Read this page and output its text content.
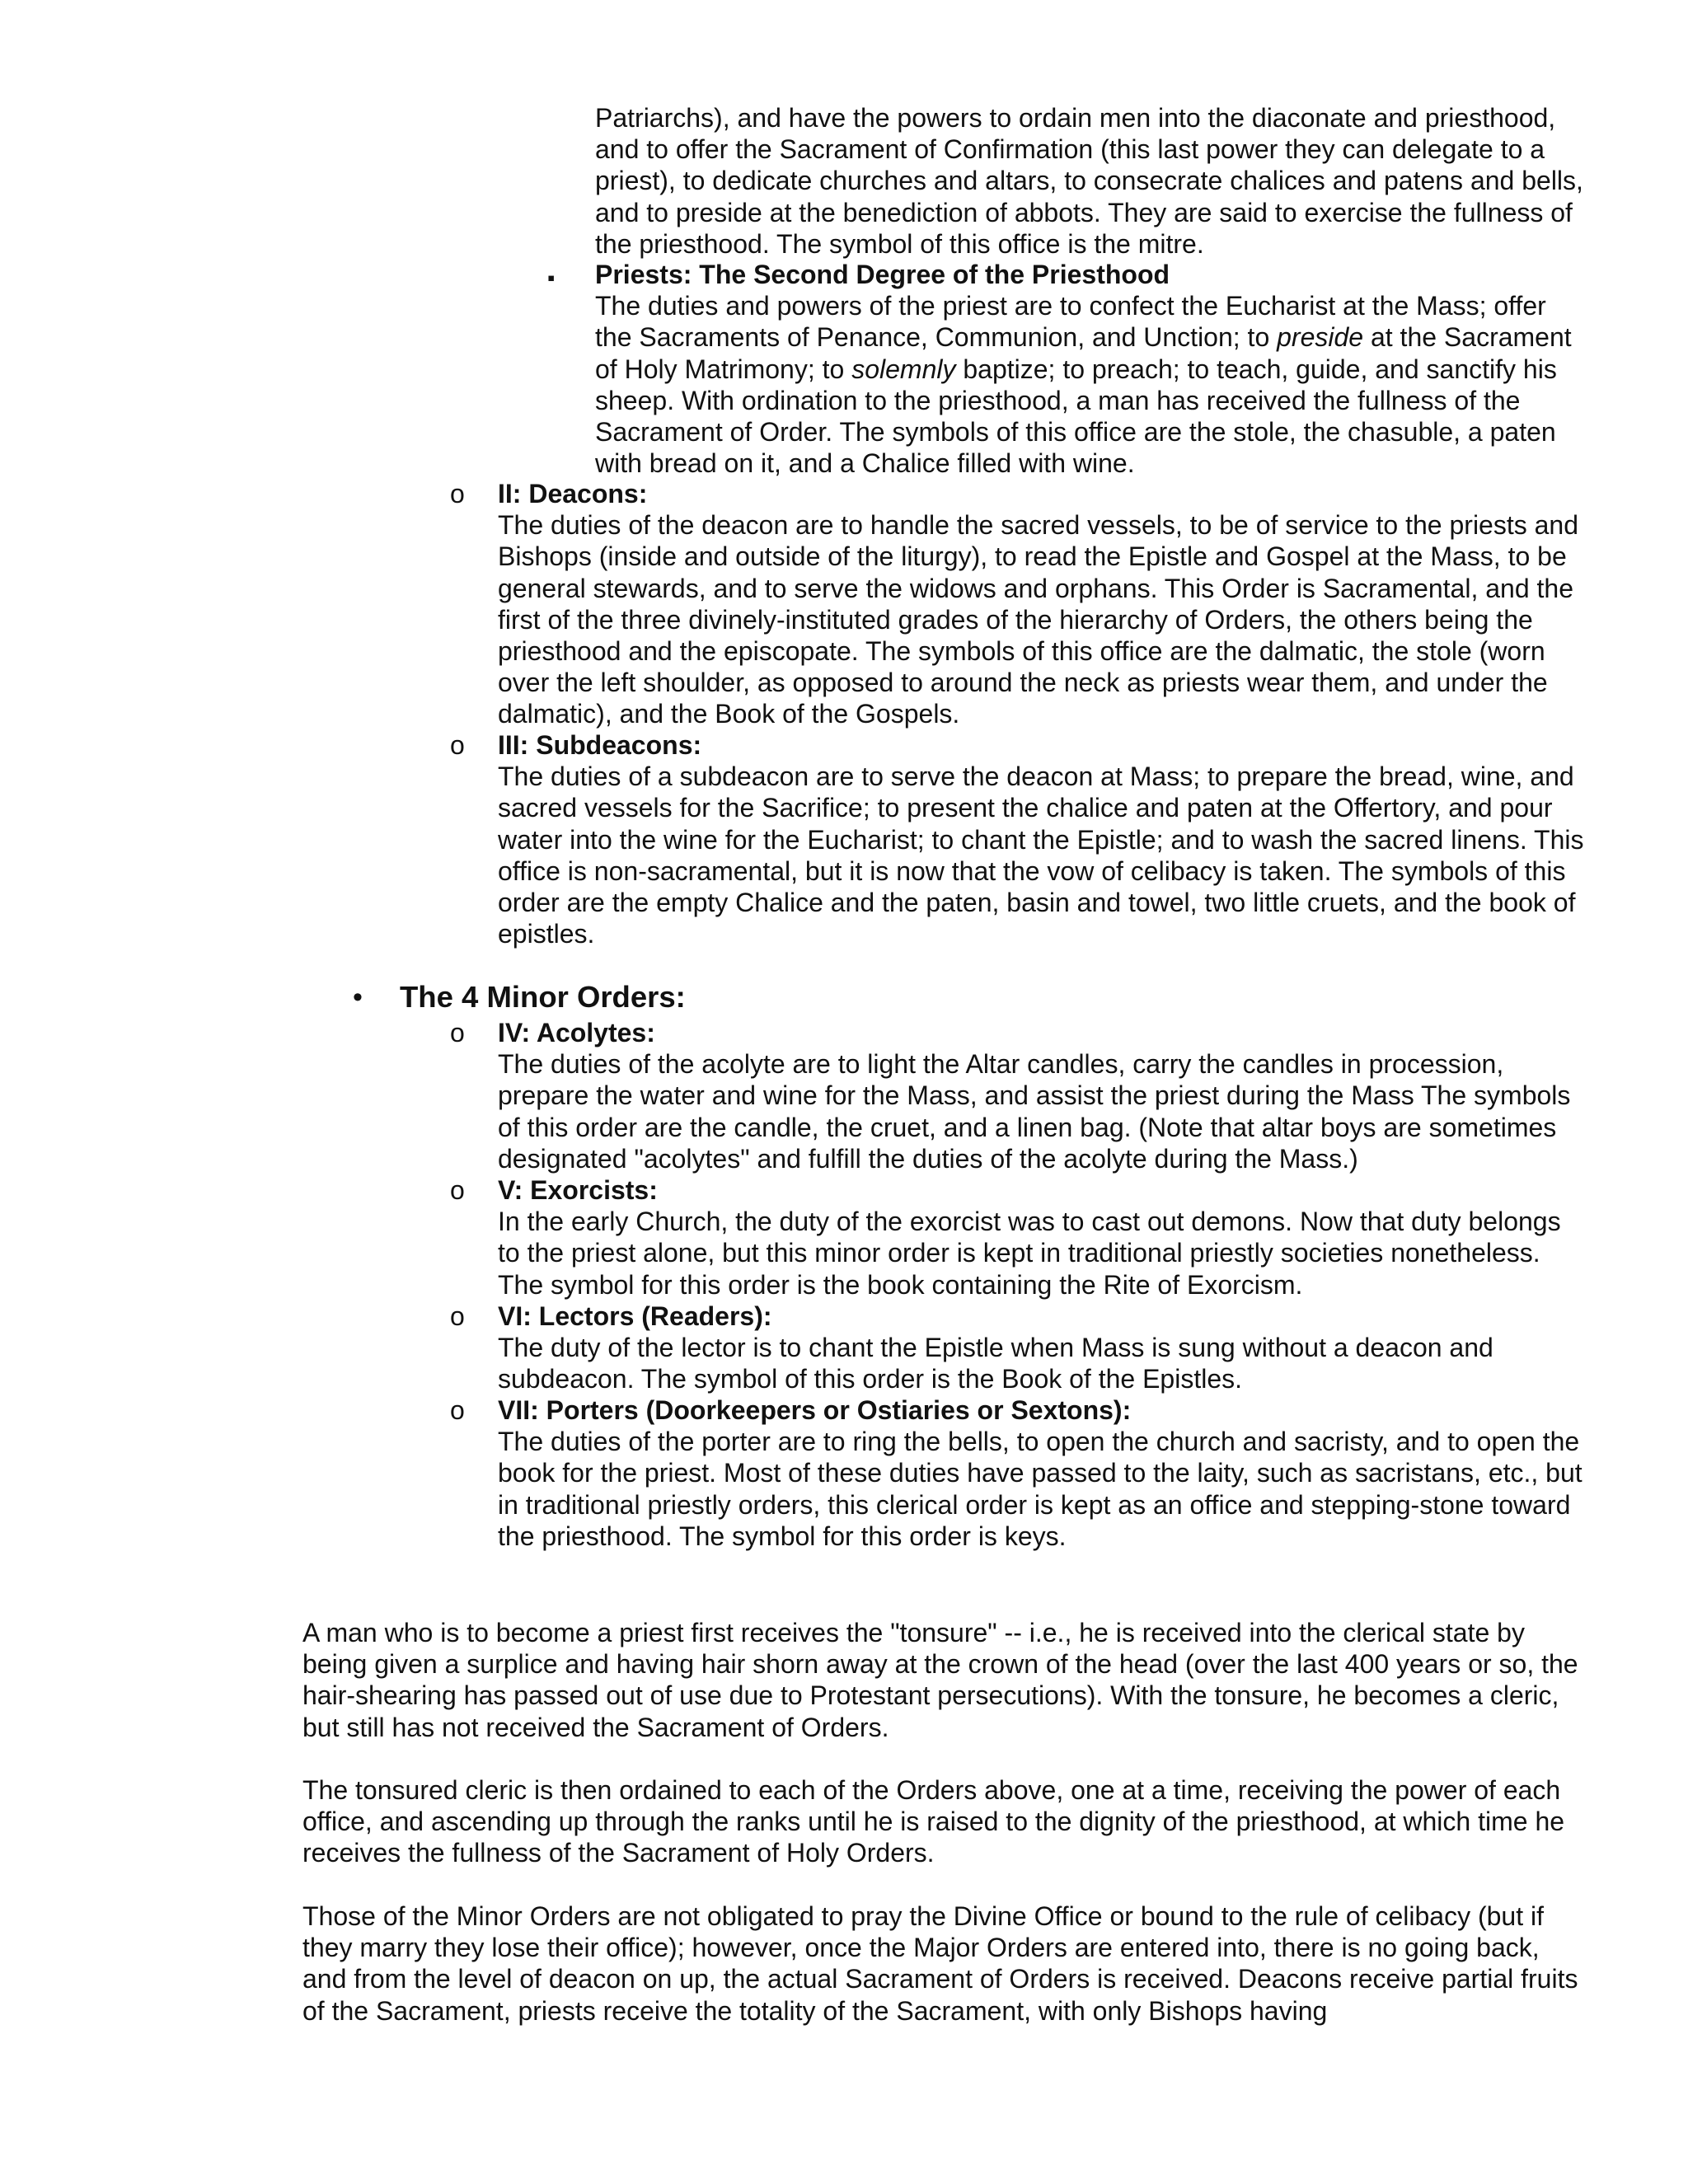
Patriarchs), and have the powers to ordain men into the diaconate and priesthood, and to offer the Sacrament of Confirmation (this last power they can delegate to a priest), to dedicate churches and altars, to consecrate chalices and patens and bells, and to preside at the benediction of abbots. They are said to exercise the fullness of the priesthood. The symbol of this office is the mitre.

▪ Priests: The Second Degree of the Priesthood
The duties and powers of the priest are to confect the Eucharist at the Mass; offer the Sacraments of Penance, Communion, and Unction; to preside at the Sacrament of Holy Matrimony; to solemnly baptize; to preach; to teach, guide, and sanctify his sheep. With ordination to the priesthood, a man has received the fullness of the Sacrament of Order. The symbols of this office are the stole, the chasuble, a paten with bread on it, and a Chalice filled with wine.
o II: Deacons:
The duties of the deacon are to handle the sacred vessels, to be of service to the priests and Bishops (inside and outside of the liturgy), to read the Epistle and Gospel at the Mass, to be general stewards, and to serve the widows and orphans. This Order is Sacramental, and the first of the three divinely-instituted grades of the hierarchy of Orders, the others being the priesthood and the episcopate. The symbols of this office are the dalmatic, the stole (worn over the left shoulder, as opposed to around the neck as priests wear them, and under the dalmatic), and the Book of the Gospels.
o III: Subdeacons:
The duties of a subdeacon are to serve the deacon at Mass; to prepare the bread, wine, and sacred vessels for the Sacrifice; to present the chalice and paten at the Offertory, and pour water into the wine for the Eucharist; to chant the Epistle; and to wash the sacred linens. This office is non-sacramental, but it is now that the vow of celibacy is taken. The symbols of this order are the empty Chalice and the paten, basin and towel, two little cruets, and the book of epistles.
• The 4 Minor Orders:
o IV: Acolytes:
The duties of the acolyte are to light the Altar candles, carry the candles in procession, prepare the water and wine for the Mass, and assist the priest during the Mass The symbols of this order are the candle, the cruet, and a linen bag. (Note that altar boys are sometimes designated "acolytes" and fulfill the duties of the acolyte during the Mass.)
o V: Exorcists:
In the early Church, the duty of the exorcist was to cast out demons. Now that duty belongs to the priest alone, but this minor order is kept in traditional priestly societies nonetheless. The symbol for this order is the book containing the Rite of Exorcism.
o VI: Lectors (Readers):
The duty of the lector is to chant the Epistle when Mass is sung without a deacon and subdeacon. The symbol of this order is the Book of the Epistles.
o VII: Porters (Doorkeepers or Ostiaries or Sextons):
The duties of the porter are to ring the bells, to open the church and sacristy, and to open the book for the priest. Most of these duties have passed to the laity, such as sacristans, etc., but in traditional priestly orders, this clerical order is kept as an office and stepping-stone toward the priesthood. The symbol for this order is keys.

A man who is to become a priest first receives the "tonsure" -- i.e., he is received into the clerical state by being given a surplice and having hair shorn away at the crown of the head (over the last 400 years or so, the hair-shearing has passed out of use due to Protestant persecutions). With the tonsure, he becomes a cleric, but still has not received the Sacrament of Orders.

The tonsured cleric is then ordained to each of the Orders above, one at a time, receiving the power of each office, and ascending up through the ranks until he is raised to the dignity of the priesthood, at which time he receives the fullness of the Sacrament of Holy Orders.

Those of the Minor Orders are not obligated to pray the Divine Office or bound to the rule of celibacy (but if they marry they lose their office); however, once the Major Orders are entered into, there is no going back, and from the level of deacon on up, the actual Sacrament of Orders is received. Deacons receive partial fruits of the Sacrament, priests receive the totality of the Sacrament, with only Bishops having
